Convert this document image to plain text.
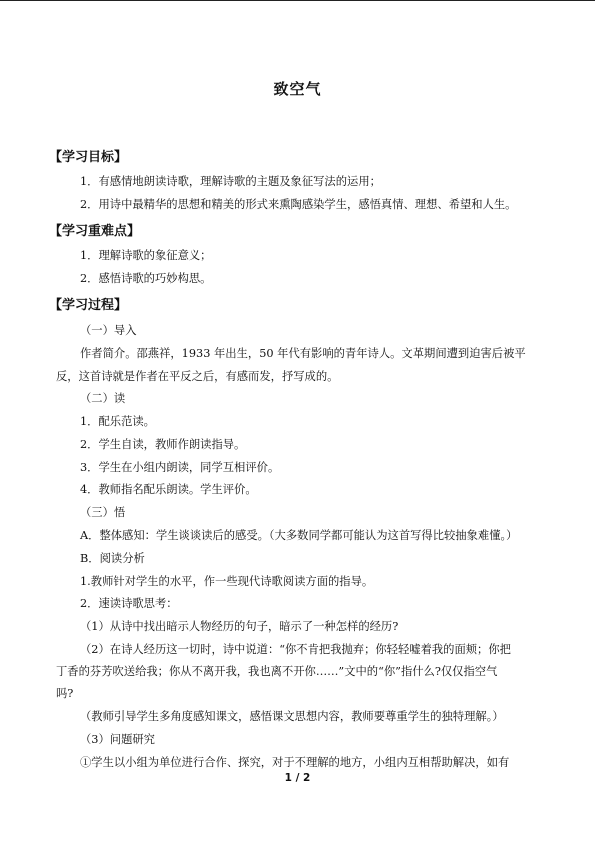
致空气
【学习目标】
1．有感情地朗读诗歌，理解诗歌的主题及象征写法的运用；
2．用诗中最精华的思想和精美的形式来熏陶感染学生，感悟真情、理想、希望和人生。
【学习重难点】
1．理解诗歌的象征意义；
2．感悟诗歌的巧妙构思。
【学习过程】
（一）导入
作者简介。邵燕祥，1933 年出生，50 年代有影响的青年诗人。文革期间遭到迫害后被平
反，这首诗就是作者在平反之后，有感而发，抒写成的。
（二）读
1．配乐范读。
2．学生自读，教师作朗读指导。
3．学生在小组内朗读，同学互相评价。
4．教师指名配乐朗读。学生评价。
（三）悟
A．整体感知：学生谈谈读后的感受。（大多数同学都可能认为这首写得比较抽象难懂。）
B．阅读分析
1.教师针对学生的水平，作一些现代诗歌阅读方面的指导。
2．速读诗歌思考：
（1）从诗中找出暗示人物经历的句子，暗示了一种怎样的经历?
（2）在诗人经历这一切时，诗中说道：“你不肯把我抛弃；你轻轻嘘着我的面颊；你把
丁香的芬芳吹送给我；你从不离开我，我也离不开你……”文中的“你”指什么?仅仅指空气
吗?
（教师引导学生多角度感知课文，感悟课文思想内容，教师要尊重学生的独特理解。）
（3）问题研究
①学生以小组为单位进行合作、探究，对于不理解的地方，小组内互相帮助解决，如有
1 / 2
